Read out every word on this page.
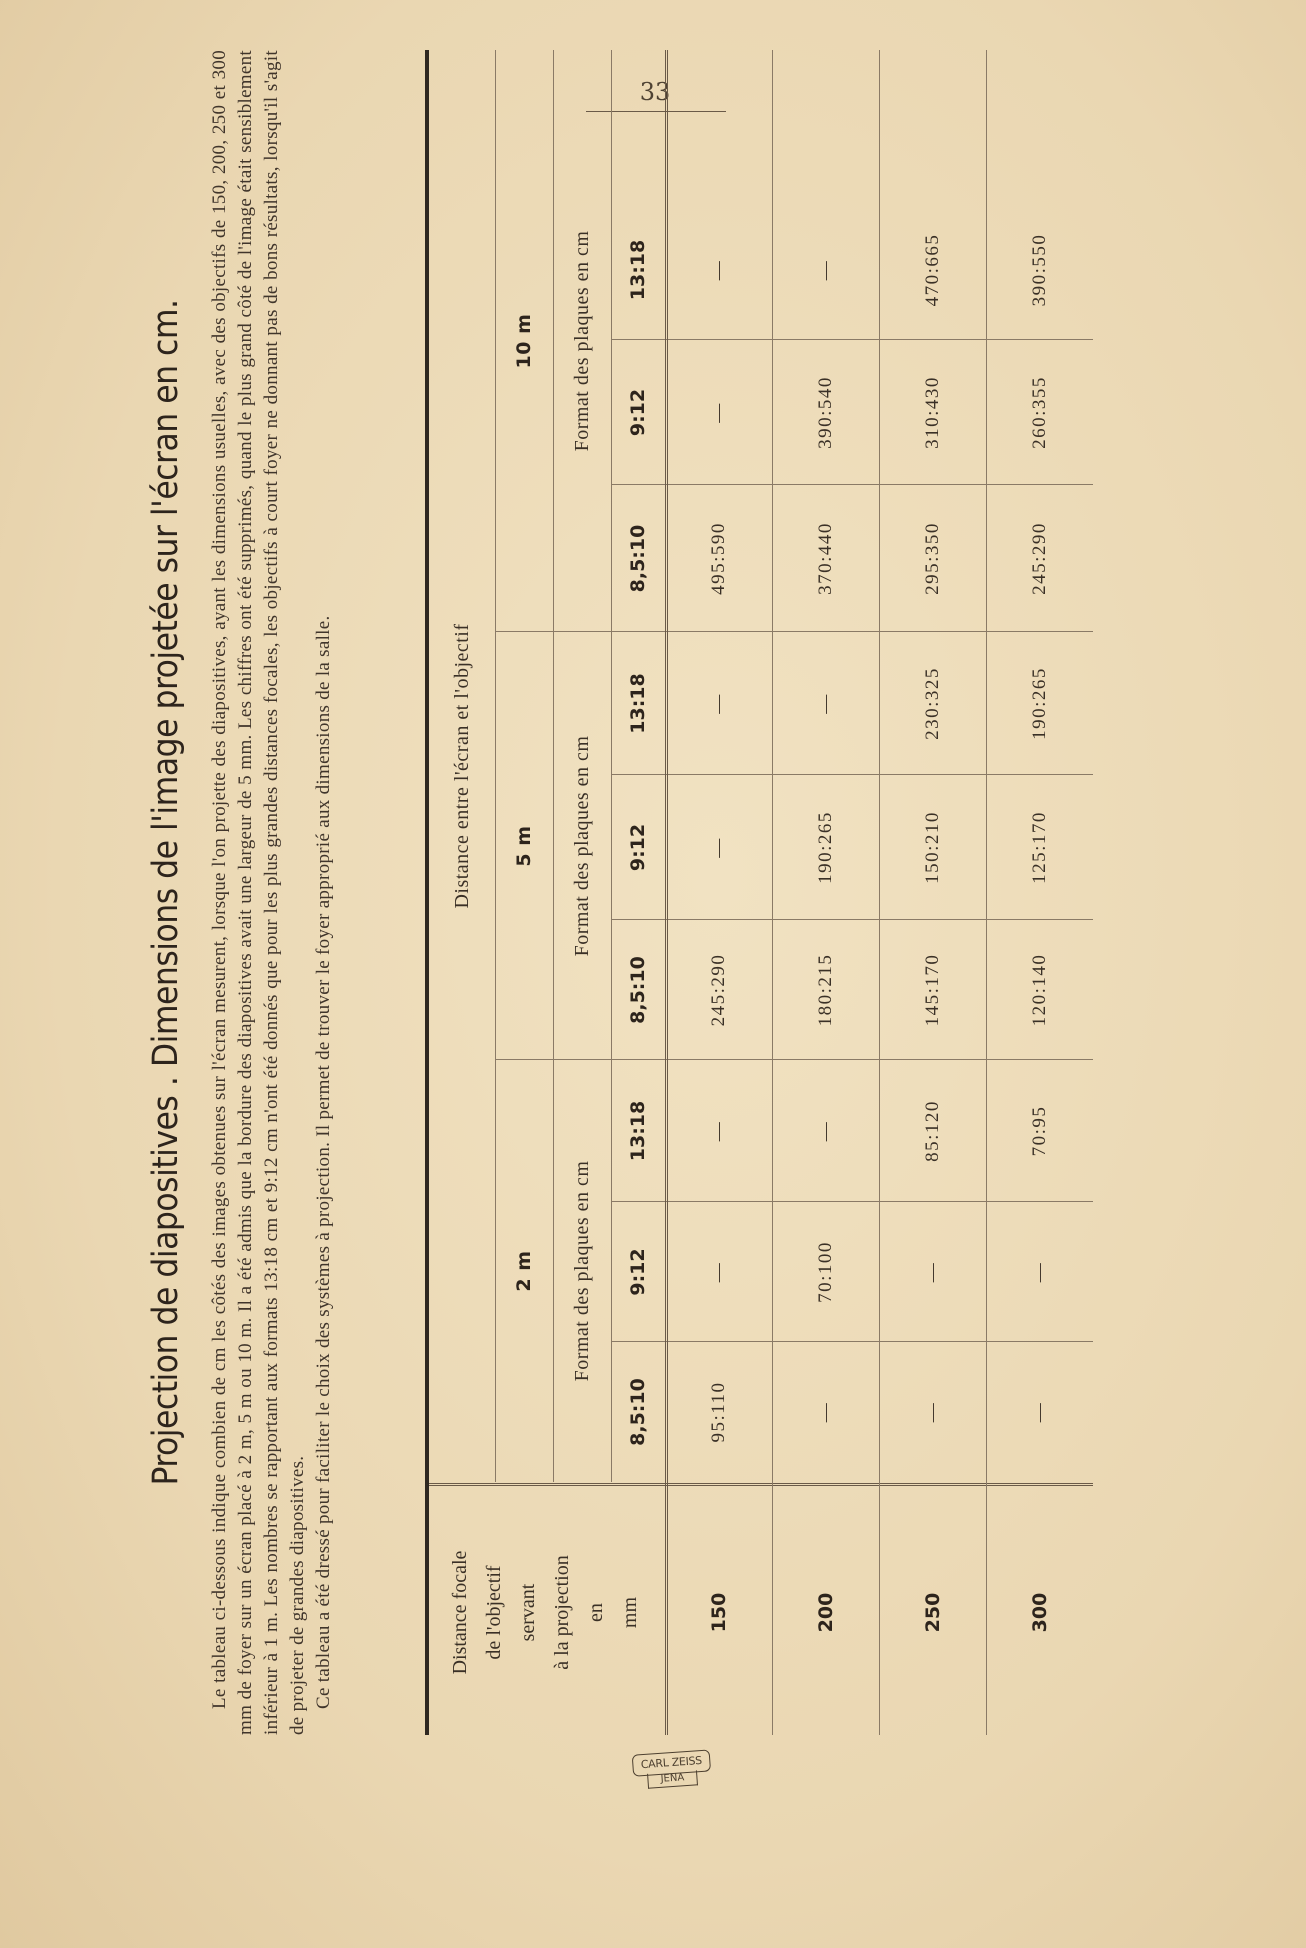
33
Projection de diapositives . Dimensions de l'image projetée sur l'écran en cm.	Le tableau ci-dessous indique combien de cm les côtés des images obtenues sur l'écran mesurent, lorsque l'on projette des diapositives, ayant les dimensions usuelles, avec des objectifs de 150, 200, 250 et 300 mm de foyer sur un écran placé à 2 m, 5 m ou 10 m. Il a été admis que la bordure des diapositives avait une largeur de 5 mm. Les chiffres ont été supprimés, quand le plus grand côté de l'image était sensiblement inférieur à 1 m. Les nombres se rapportant aux formats 13:18 cm et 9:12 cm n'ont été donnés que pour les plus grandes distances focales, les objectifs à court foyer ne donnant pas de bons résultats, lorsqu'il s'agit de projeter de grandes diapositives. Ce tableau a été dressé pour faciliter le choix des systèmes à projection. Il permet de trouver le foyer approprié aux dimensions de la salle.	Distance focale de l'objectif servant à la projection en mm
Distance entre l'écran et l'objectif
2 m
5 m
10 m
Format des plaques en cm
Format des plaques en cm
Format des plaques en cm
8,5:10
9:12
13:18
8,5:10
9:12
13:18
8,5:10
9:12
13:18
150
95:110
—
—
245:290
—
—
495:590
—
—
200
—
70:100
—
180:215
190:265
—
370:440
390:540
—
250
—
—
85:120
145:170
150:210
230:325
295:350
310:430
470:665
300
—
—
70:95
120:140
125:170
190:265
245:290
260:355
390:550
CARL ZEISS
JENA
